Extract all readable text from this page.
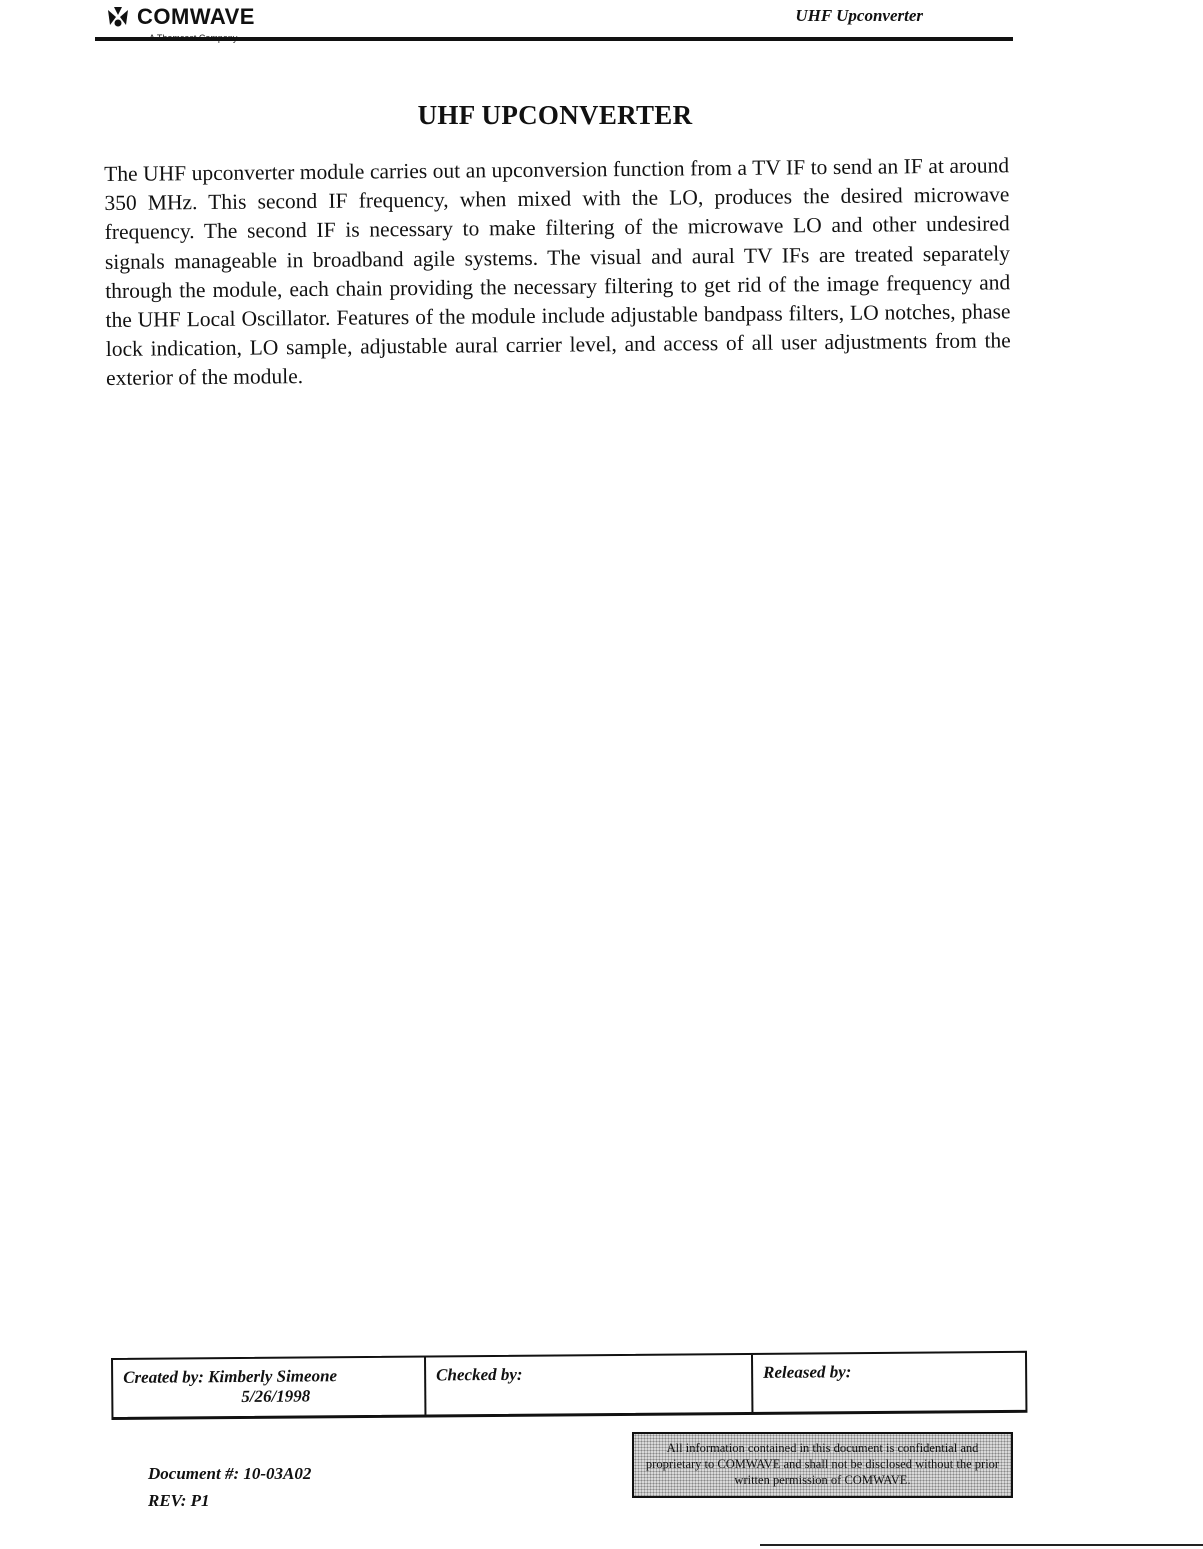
COMWAVE	UHF Upconverter
UHF UPCONVERTER

The UHF upconverter module carries out an upconversion function from a TV IF to send an IF at around 350 MHz. This second IF frequency, when mixed with the LO, produces the desired microwave frequency. The second IF is necessary to make filtering of the microwave LO and other undesired signals manageable in broadband agile systems. The visual and aural TV IFs are treated separately through the module, each chain providing the necessary filtering to get rid of the image frequency and the UHF Local Oscillator. Features of the module include adjustable bandpass filters, LO notches, phase lock indication, LO sample, adjustable aural carrier level, and access of all user adjustments from the exterior of the module.

Created by: Kimberly Simeone
5/26/1998
Checked by:	Released by:
Document #: 10-03A02
REV: P1
All information contained in this document is confidential and proprietary to COMWAVE and shall not be disclosed without the prior written permission of COMWAVE.
